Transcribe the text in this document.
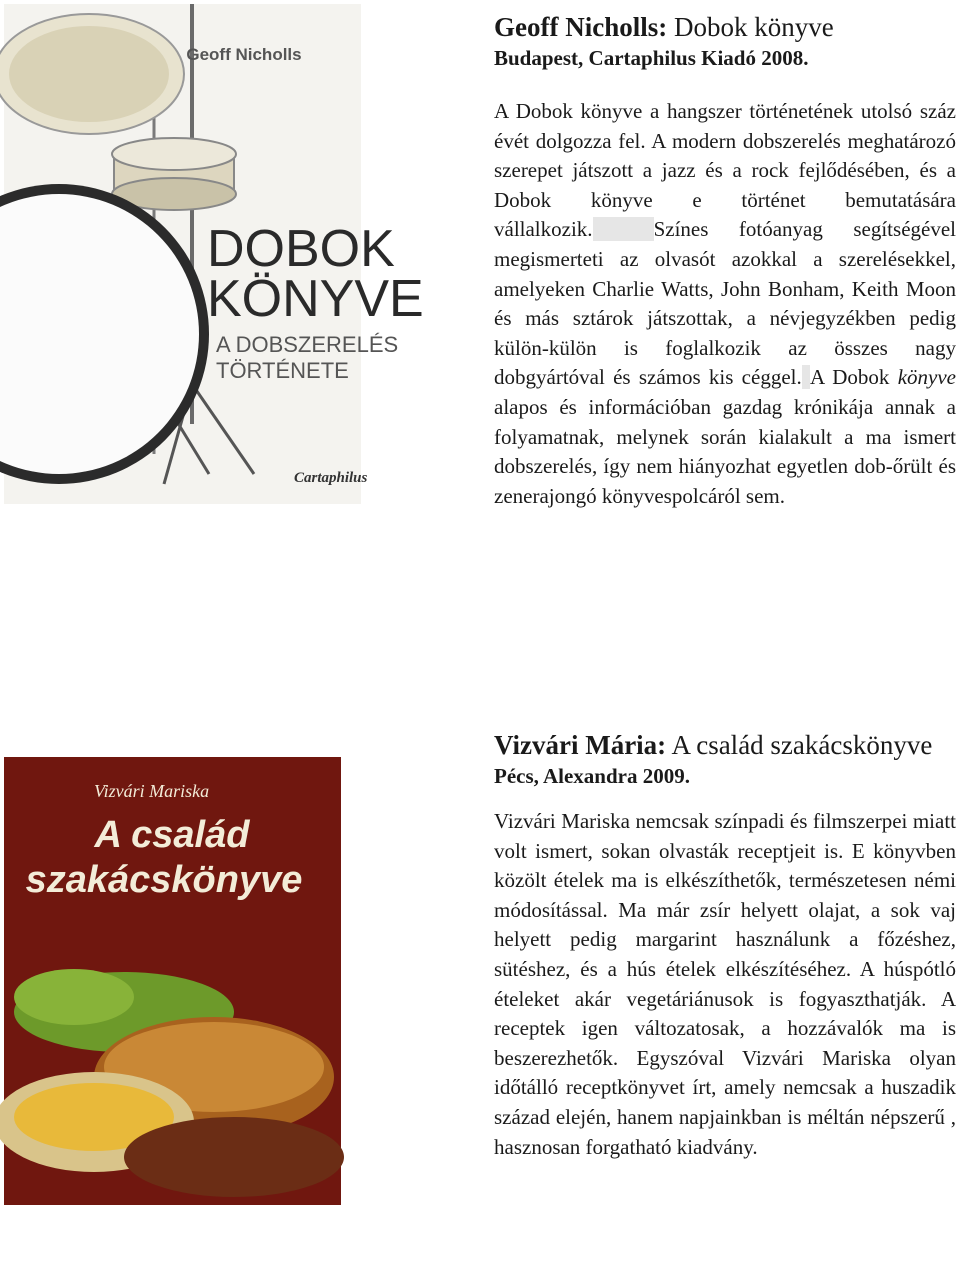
Geoff Nicholls
DOBOK
KÖNYVE
A DOBSZERELÉS
TÖRTÉNETE
Cartaphilus
Geoff Nicholls: Dobok könyve

Budapest, Cartaphilus Kiadó 2008.

A Dobok könyve a hangszer történetének utolsó száz évét dolgozza fel. A modern dobszerelés meghatározó szerepet játszott a jazz és a rock fejlődésében, és a Dobok könyve e történet bemutatására vállalkozik.	Színes fotóanyag segítségével megismerteti az olvasót azokkal a szerelésekkel, amelyeken Charlie Watts, John Bonham, Keith Moon és más sztárok játszottak, a névjegyzékben pedig külön-külön is foglalkozik az összes nagy dobgyártóval és számos kis céggel. A Dobok könyve alapos és információban gazdag krónikája annak a folyamatnak, melynek során kialakult a ma ismert dobszerelés, így nem hiányozhat egyetlen dob-őrült és zenerajongó könyvespolcáról sem.

Vizvári Mariska
A család
szakácskönyve
Vizvári Mária: A család szakácskönyve

Pécs, Alexandra 2009.

Vizvári Mariska nemcsak színpadi és filmszerpei miatt volt ismert, sokan olvasták receptjeit is. E könyvben közölt ételek ma is elkészíthetők, természetesen némi módosítással. Ma már zsír helyett olajat, a sok vaj helyett pedig margarint használunk a főzéshez, sütéshez, és a hús ételek elkészítéséhez. A húspótló ételeket akár vegetáriánusok is fogyaszthatják. A receptek igen változatosak, a hozzávalók ma is beszerezhetők. Egyszóval Vizvári Mariska olyan időtálló receptkönyvet írt, amely nemcsak a huszadik század elején, hanem napjainkban is méltán népszerű , hasznosan forgatható kiadvány.
